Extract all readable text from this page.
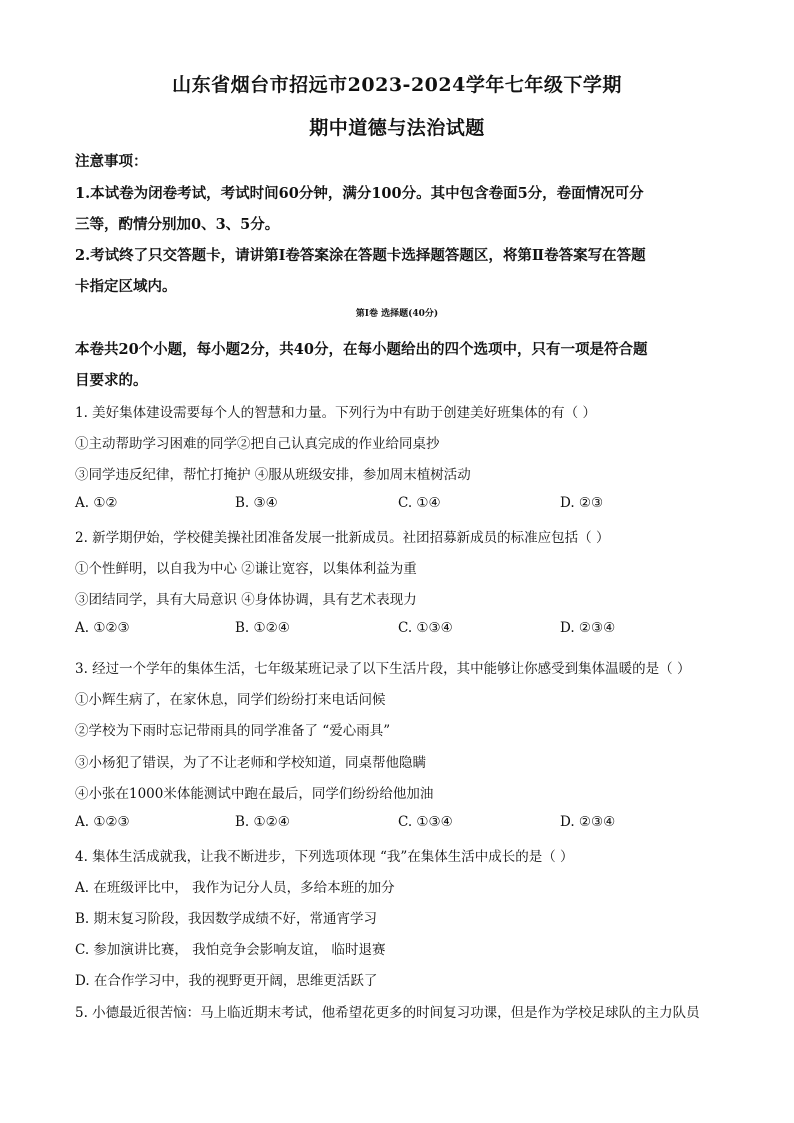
山东省烟台市招远市2023-2024学年七年级下学期
期中道德与法治试题
注意事项：
1.本试卷为闭卷考试，考试时间60分钟，满分100分。其中包含卷面5分，卷面情况可分
三等，酌情分别加0、3、5分。
2.考试终了只交答题卡，请讲第Ⅰ卷答案涂在答题卡选择题答题区，将第Ⅱ卷答案写在答题
卡指定区域内。
第Ⅰ卷 选择题(40分)
本卷共20个小题，每小题2分，共40分，在每小题给出的四个选项中，只有一项是符合题
目要求的。
1. 美好集体建设需要每个人的智慧和力量。下列行为中有助于创建美好班集体的有（ ）
①主动帮助学习困难的同学②把自己认真完成的作业给同桌抄
③同学违反纪律，帮忙打掩护 ④服从班级安排，参加周末植树活动
A. ①②	B. ③④	C. ①④	D. ②③
2. 新学期伊始，学校健美操社团准备发展一批新成员。社团招募新成员的标准应包括（ ）
①个性鲜明，以自我为中心 ②谦让宽容，以集体利益为重
③团结同学，具有大局意识 ④身体协调，具有艺术表现力
A. ①②③	B. ①②④	C. ①③④	D. ②③④
3. 经过一个学年的集体生活，七年级某班记录了以下生活片段，其中能够让你感受到集体温暖的是（ ）
①小辉生病了，在家休息，同学们纷纷打来电话问候
②学校为下雨时忘记带雨具的同学准备了 “爱心雨具”
③小杨犯了错误，为了不让老师和学校知道，同桌帮他隐瞒
④小张在1000米体能测试中跑在最后，同学们纷纷给他加油
A. ①②③	B. ①②④	C. ①③④	D. ②③④
4. 集体生活成就我，让我不断进步，下列选项体现 “我”在集体生活中成长的是（ ）
A. 在班级评比中， 我作为记分人员，多给本班的加分
B. 期末复习阶段，我因数学成绩不好，常通宵学习
C. 参加演讲比赛， 我怕竞争会影响友谊， 临时退赛
D. 在合作学习中，我的视野更开阔，思维更活跃了
5. 小德最近很苦恼：马上临近期末考试，他希望花更多的时间复习功课，但是作为学校足球队的主力队员
